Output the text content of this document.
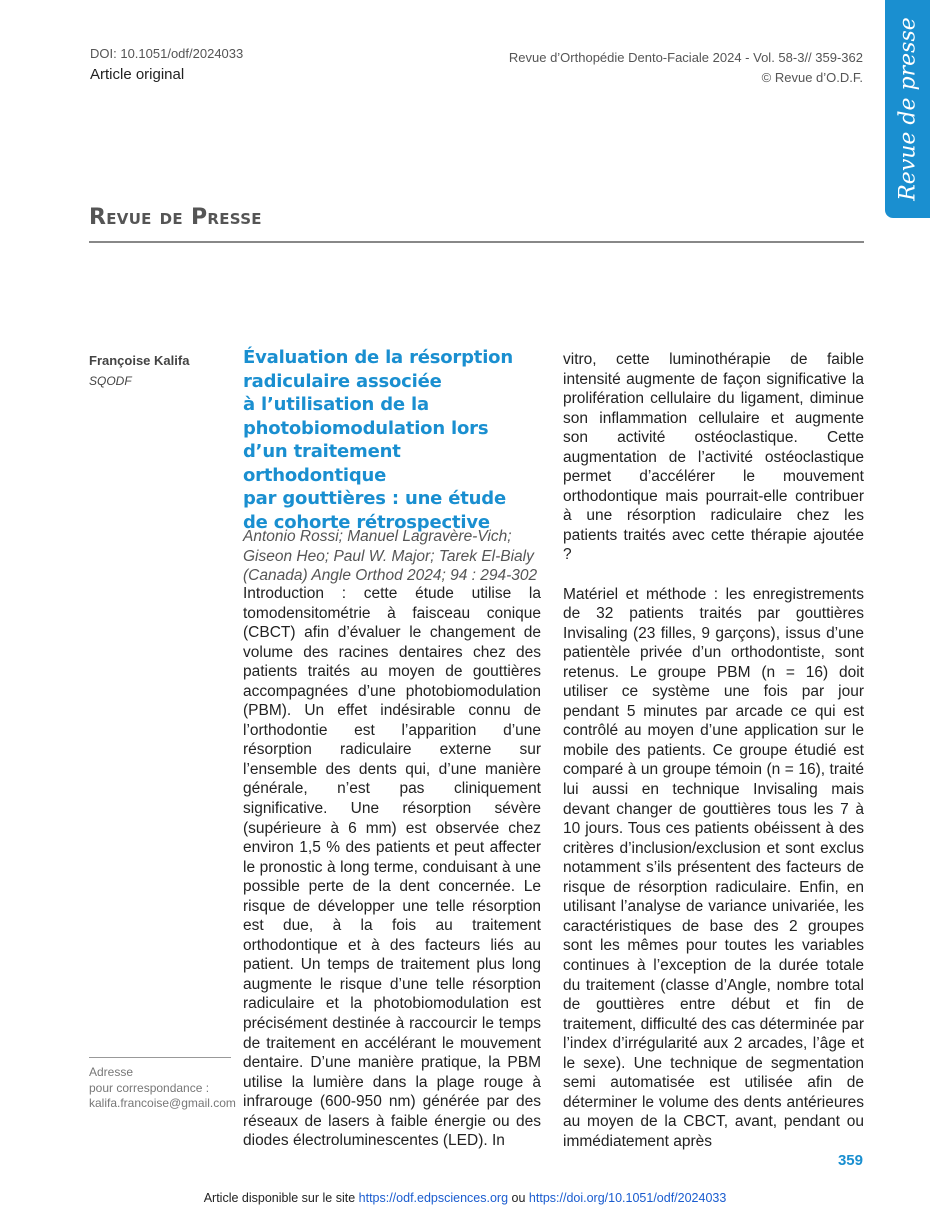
DOI: 10.1051/odf/2024033
Article original
Revue d’Orthopédie Dento-Faciale 2024 - Vol. 58-3// 359-362
© Revue d’O.D.F. Revue de presse
Revue de Presse
Françoise Kalifa
SQODF
Évaluation de la résorption
radiculaire associée
à l’utilisation de la
photobiomodulation lors
d’un traitement orthodontique
par gouttières : une étude
de cohorte rétrospective
Antonio Rossi; Manuel Lagravère-Vich;
Giseon Heo; Paul W. Major; Tarek El-Bialy
(Canada) Angle Orthod 2024; 94 : 294-302

Introduction : cette étude utilise la tomodensitométrie à faisceau conique (CBCT) afin d’évaluer le changement de volume des racines dentaires chez des patients traités au moyen de gouttières accompagnées d’une photobiomodulation (PBM). Un effet indésirable connu de l’orthodontie est l’apparition d’une résorption radiculaire externe sur l’ensemble des dents qui, d’une manière générale, n’est pas cliniquement significative. Une résorption sévère (supérieure à 6 mm) est observée chez environ 1,5 % des patients et peut affecter le pronostic à long terme, conduisant à une possible perte de la dent concernée. Le risque de développer une telle résorption est due, à la fois au traitement orthodontique et à des facteurs liés au patient. Un temps de traitement plus long augmente le risque d’une telle résorption radiculaire et la photobiomodulation est précisément destinée à raccourcir le temps de traitement en accélérant le mouvement dentaire. D’une manière pratique, la PBM utilise la lumière dans la plage rouge à infrarouge (600-950 nm) générée par des réseaux de lasers à faible énergie ou des diodes électroluminescentes (LED). In

vitro, cette luminothérapie de faible intensité augmente de façon significative la prolifération cellulaire du ligament, diminue son inflammation cellulaire et augmente son activité ostéoclastique. Cette augmentation de l’activité ostéoclastique permet d’accélérer le mouvement orthodontique mais pourrait-elle contribuer à une résorption radiculaire chez les patients traités avec cette thérapie ajoutée ?

Matériel et méthode : les enregistrements de 32 patients traités par gouttières Invisaling (23 filles, 9 garçons), issus d’une patientèle privée d’un orthodontiste, sont retenus. Le groupe PBM (n = 16) doit utiliser ce système une fois par jour pendant 5 minutes par arcade ce qui est contrôlé au moyen d’une application sur le mobile des patients. Ce groupe étudié est comparé à un groupe témoin (n = 16), traité lui aussi en technique Invisaling mais devant changer de gouttières tous les 7 à 10 jours. Tous ces patients obéissent à des critères d’inclusion/exclusion et sont exclus notamment s’ils présentent des facteurs de risque de résorption radiculaire. Enfin, en utilisant l’analyse de variance univariée, les caractéristiques de base des 2 groupes sont les mêmes pour toutes les variables continues à l’exception de la durée totale du traitement (classe d’Angle, nombre total de gouttières entre début et fin de traitement, difficulté des cas déterminée par l’index d’irrégularité aux 2 arcades, l’âge et le sexe). Une technique de segmentation semi automatisée est utilisée afin de déterminer le volume des dents antérieures au moyen de la CBCT, avant, pendant ou immédiatement après

Adresse
pour correspondance :
kalifa.francoise@gmail.com
359
Article disponible sur le site https://odf.edpsciences.org ou https://doi.org/10.1051/odf/2024033
